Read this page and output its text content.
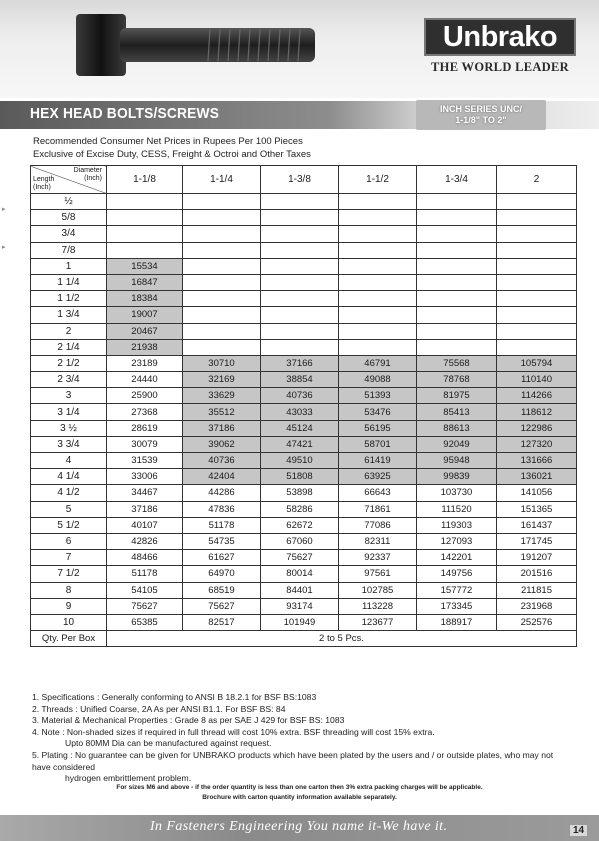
Unbrako
THE WORLD LEADER
HEX HEAD BOLTS/SCREWS	INCH SERIES UNC/
1-1/8" TO 2"
Recommended Consumer Net Prices in Rupees Per 100 Pieces
Exclusive of Excise Duty, CESS, Freight & Octroi and Other Taxes
▸
▸
Diameter
(Inch)
Length
(Inch)	1-1/8	1-1/4	1-3/8	1-1/2	1-3/4	2
½						
5/8						
3/4						
7/8						
1	15534					
1 1/4	16847					
1 1/2	18384					
1 3/4	19007					
2	20467					
2 1/4	21938					
2 1/2	23189	30710	37166	46791	75568	105794
2 3/4	24440	32169	38854	49088	78768	110140
3	25900	33629	40736	51393	81975	114266
3 1/4	27368	35512	43033	53476	85413	118612
3 ½	28619	37186	45124	56195	88613	122986
3 3/4	30079	39062	47421	58701	92049	127320
4	31539	40736	49510	61419	95948	131666
4 1/4	33006	42404	51808	63925	99839	136021
4 1/2	34467	44286	53898	66643	103730	141056
5	37186	47836	58286	71861	111520	151365
5 1/2	40107	51178	62672	77086	119303	161437
6	42826	54735	67060	82311	127093	171745
7	48466	61627	75627	92337	142201	191207
7 1/2	51178	64970	80014	97561	149756	201516
8	54105	68519	84401	102785	157772	211815
9	75627	75627	93174	113228	173345	231968
10	65385	82517	101949	123677	188917	252576
Qty. Per Box	2 to 5 Pcs.					
1. Specifications : Generally conforming to ANSI B 18.2.1 for BSF BS:1083
2. Threads : Unified Coarse, 2A As per ANSI B1.1. For BSF BS: 84
3. Material & Mechanical Properties : Grade 8 as per SAE J 429 for BSF BS: 1083
4. Note : Non-shaded sizes if required in full thread will cost 10% extra. BSF threading will cost 15% extra.
Upto 80MM Dia can be manufactured against request.
5. Plating : No guarantee can be given for UNBRAKO products which have been plated by the users and / or outside plates, who may not have considered
hydrogen embrittlement problem.
For sizes M6 and above - if the order quantity is less than one carton then 3% extra packing charges will be applicable.
Brochure with carton quantity information available separately.
In Fasteners Engineering You name it-We have it.	14
